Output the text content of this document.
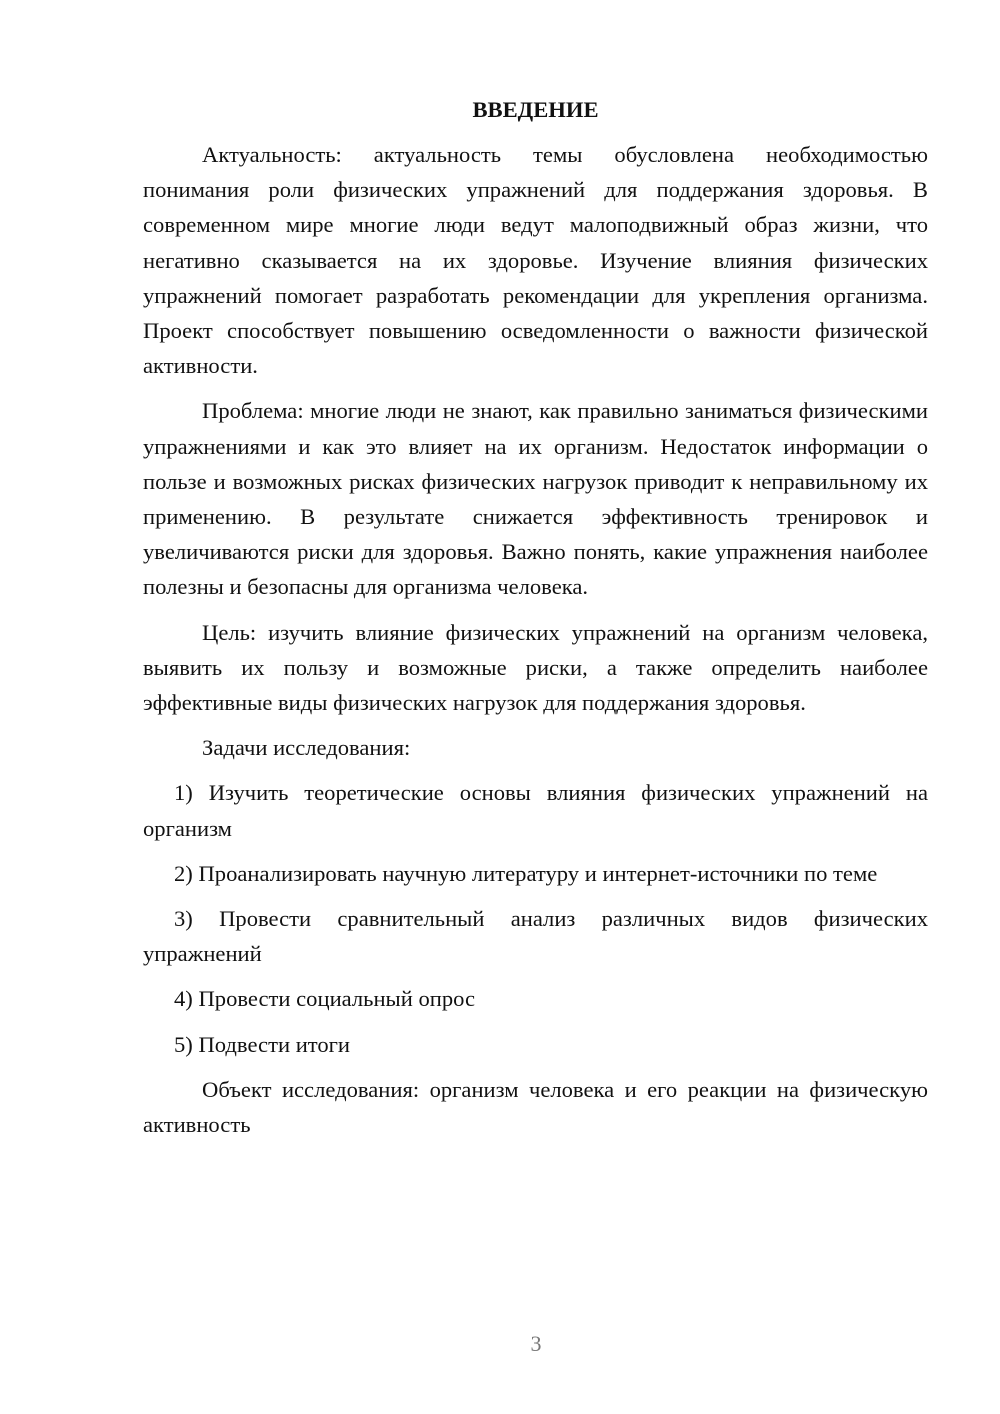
ВВЕДЕНИЕ

Актуальность: актуальность темы обусловлена необходимостью понимания роли физических упражнений для поддержания здоровья. В современном мире многие люди ведут малоподвижный образ жизни, что негативно сказывается на их здоровье. Изучение влияния физических упражнений помогает разработать рекомендации для укрепления организма. Проект способствует повышению осведомленности о важности физической активности.

Проблема: многие люди не знают, как правильно заниматься физическими упражнениями и как это влияет на их организм. Недостаток информации о пользе и возможных рисках физических нагрузок приводит к неправильному их применению. В результате снижается эффективность тренировок и увеличиваются риски для здоровья. Важно понять, какие упражнения наиболее полезны и безопасны для организма человека.

Цель: изучить влияние физических упражнений на организм человека, выявить их пользу и возможные риски, а также определить наиболее эффективные виды физических нагрузок для поддержания здоровья.

Задачи исследования:

1) Изучить теоретические основы влияния физических упражнений на организм

2) Проанализировать научную литературу и интернет-источники по теме

3) Провести сравнительный анализ различных видов физических упражнений

4) Провести социальный опрос

5) Подвести итоги

Объект исследования: организм человека и его реакции на физическую активность

3
